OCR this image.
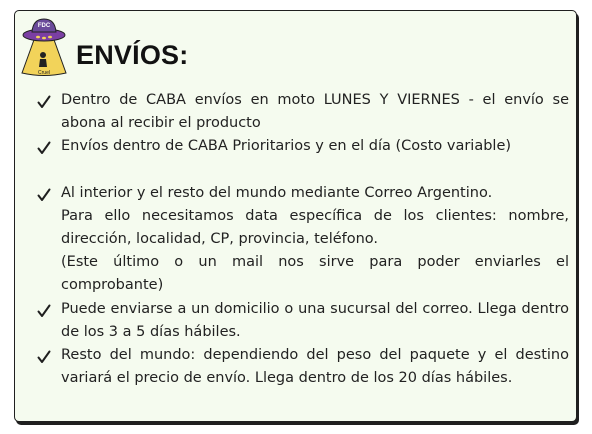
FDC
Cruel
ENVÍOS:
Dentro de CABA envíos en moto LUNES Y VIERNES - el envío se abona al recibir el producto
Envíos dentro de CABA Prioritarios y en el día (Costo variable)
Al interior y el resto del mundo mediante Correo Argentino.
Para ello necesitamos data específica de los clientes: nombre, dirección, localidad, CP, provincia, teléfono.
(Este último o un mail nos sirve para poder enviarles el comprobante)
Puede enviarse a un domicilio o una sucursal del correo. Llega dentro de los 3 a 5 días hábiles.
Resto del mundo: dependiendo del peso del paquete y el destino variará el precio de envío. Llega dentro de los 20 días hábiles.
